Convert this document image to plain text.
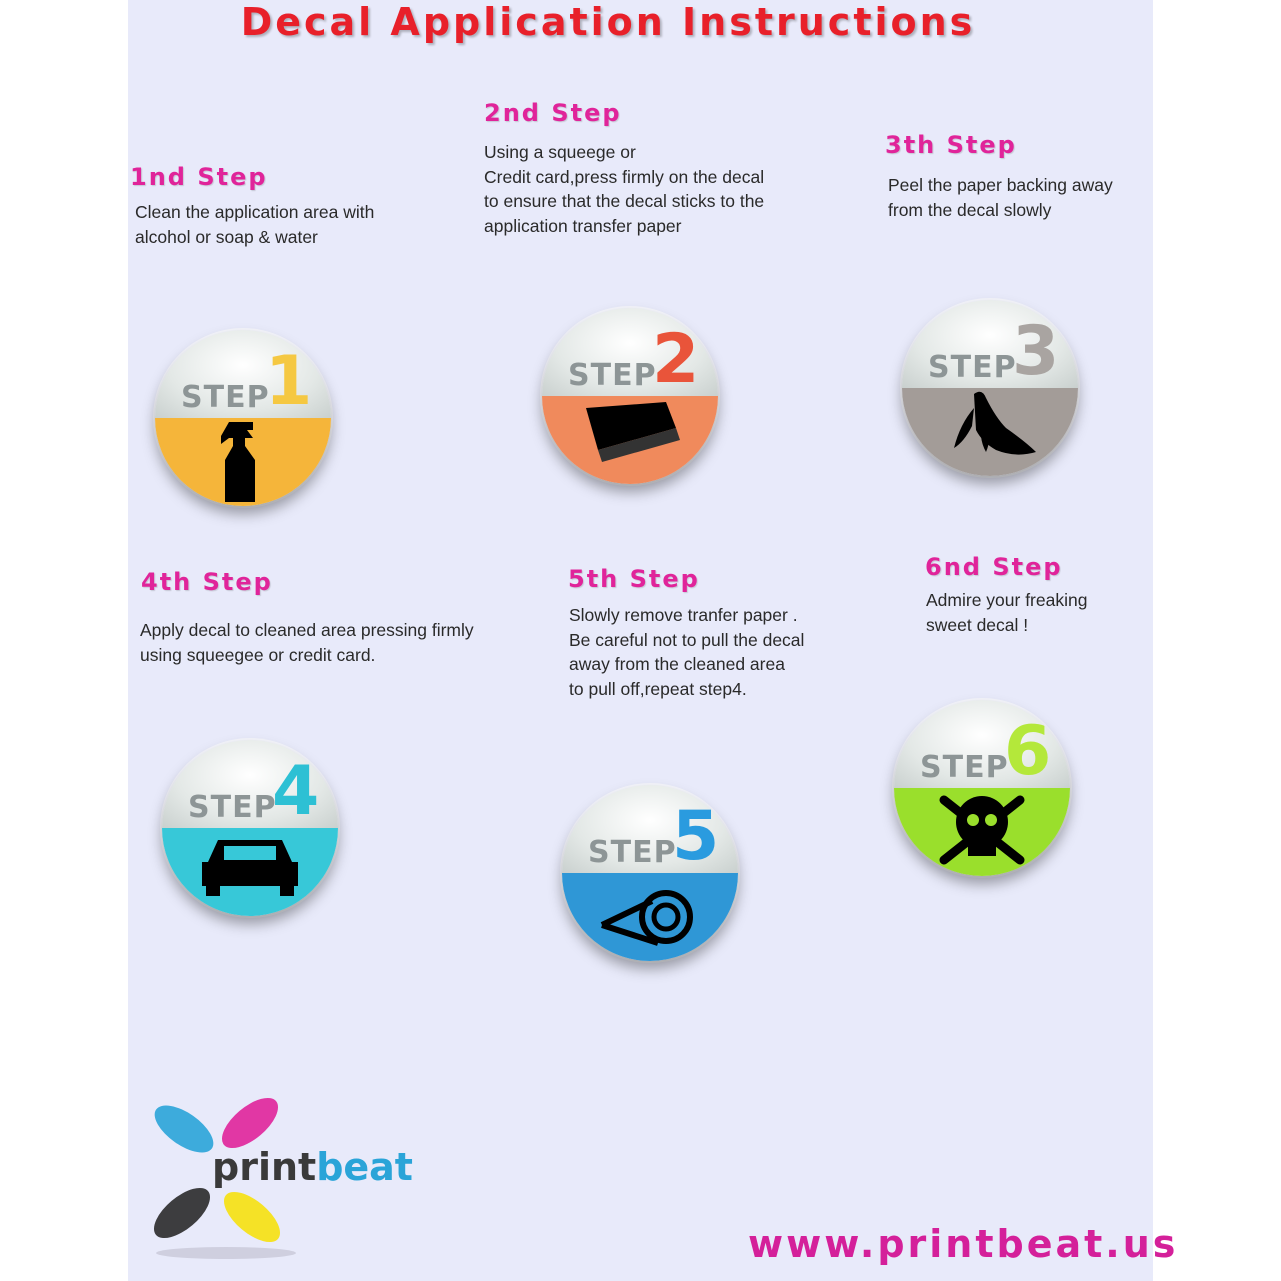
Decal Application Instructions
1nd Step

Clean the application area with
alcohol or soap & water

STEP
1
2nd Step

Using a squeege or
Credit card,press firmly on the decal
to ensure that the decal sticks to the
application transfer paper

STEP
2
3th Step

Peel the paper backing away
from the decal slowly

STEP
3
4th Step

Apply decal to cleaned area pressing firmly
using squeegee or credit card.

STEP
4
5th Step

Slowly remove tranfer paper .
Be careful not to pull the decal
away from the cleaned area
to pull off,repeat step4.

STEP
5
6nd Step

Admire your freaking
sweet decal !

STEP
6
printbeat
www.printbeat.us
